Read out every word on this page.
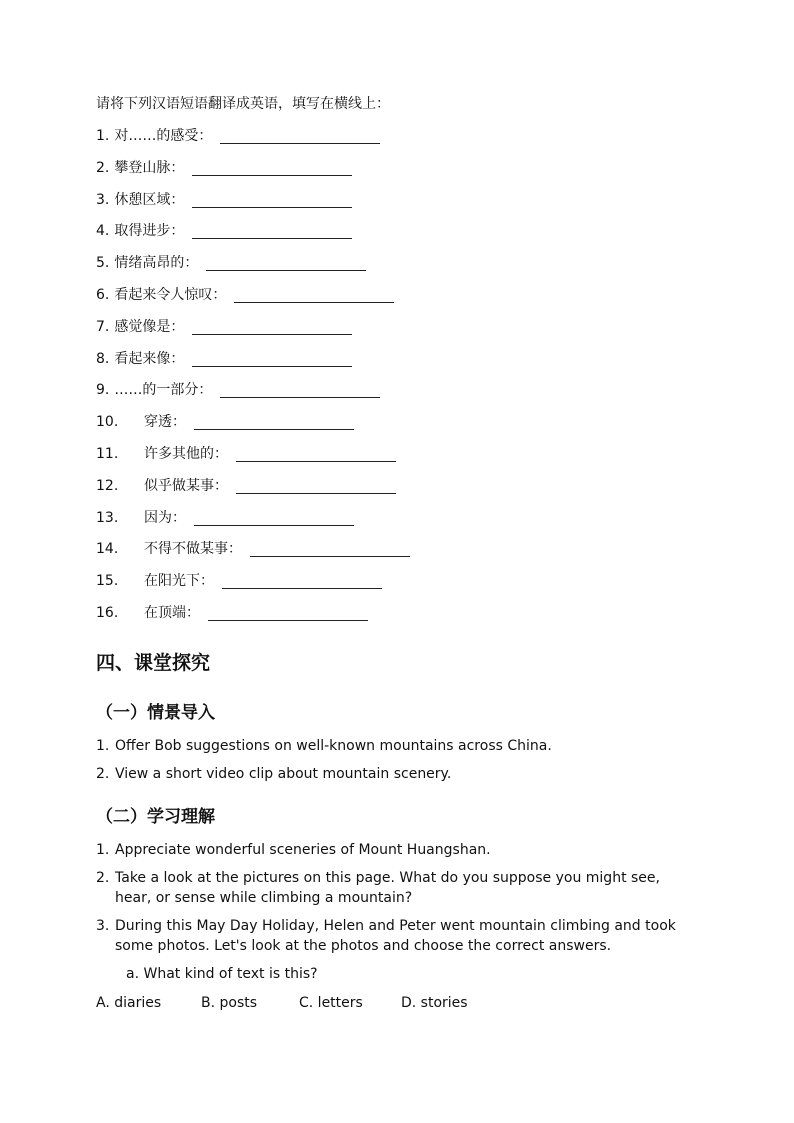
请将下列汉语短语翻译成英语，填写在横线上：
1. 对……的感受：
2. 攀登山脉：
3. 休憩区域：
4. 取得进步：
5. 情绪高昂的：
6. 看起来令人惊叹：
7. 感觉像是：
8. 看起来像：
9. ……的一部分：
10.	穿透：
11.	许多其他的：
12.	似乎做某事：
13.	因为：
14.	不得不做某事：
15.	在阳光下：
16.	在顶端：
四、课堂探究
（一）情景导入
1. Offer Bob suggestions on well-known mountains across China.
2. View a short video clip about mountain scenery.
（二）学习理解
1. Appreciate wonderful sceneries of Mount Huangshan.
2. Take a look at the pictures on this page. What do you suppose you might see, hear, or sense while climbing a mountain?
3. During this May Day Holiday, Helen and Peter went mountain climbing and took some photos. Let's look at the photos and choose the correct answers.
a. What kind of text is this?
A. diaries	B. posts	C. letters	D. stories
